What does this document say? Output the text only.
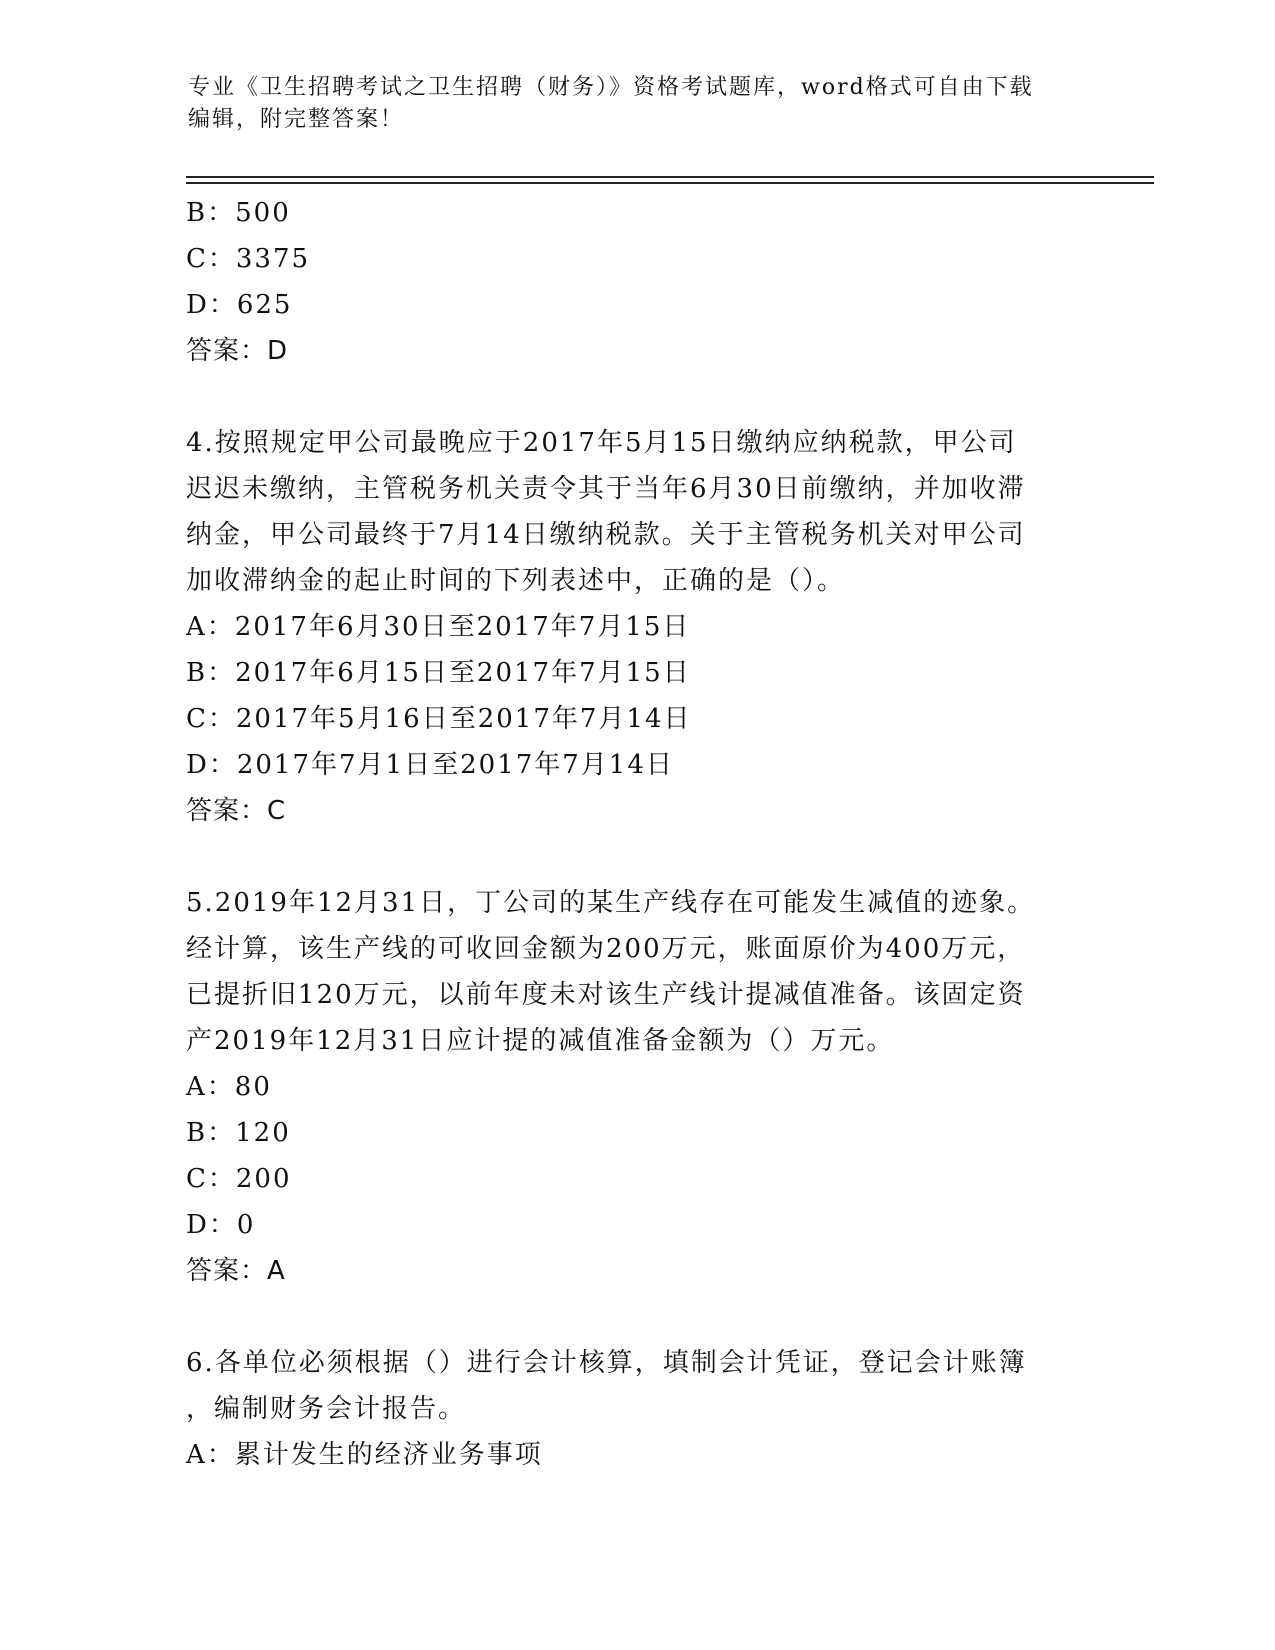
专业《卫生招聘考试之卫生招聘（财务）》资格考试题库，word格式可自由下载
编辑，附完整答案！
B：500
C：3375
D：625
答案：D
4.按照规定甲公司最晚应于2017年5月15日缴纳应纳税款，甲公司
迟迟未缴纳，主管税务机关责令其于当年6月30日前缴纳，并加收滞
纳金，甲公司最终于7月14日缴纳税款。关于主管税务机关对甲公司
加收滞纳金的起止时间的下列表述中，正确的是（）。
A：2017年6月30日至2017年7月15日
B：2017年6月15日至2017年7月15日
C：2017年5月16日至2017年7月14日
D：2017年7月1日至2017年7月14日
答案：C
5.2019年12月31日，丁公司的某生产线存在可能发生减值的迹象。
经计算，该生产线的可收回金额为200万元，账面原价为400万元，
已提折旧120万元，以前年度未对该生产线计提减值准备。该固定资
产2019年12月31日应计提的减值准备金额为（）万元。
A：80
B：120
C：200
D：0
答案：A
6.各单位必须根据（）进行会计核算，填制会计凭证，登记会计账簿
，编制财务会计报告。
A：累计发生的经济业务事项
